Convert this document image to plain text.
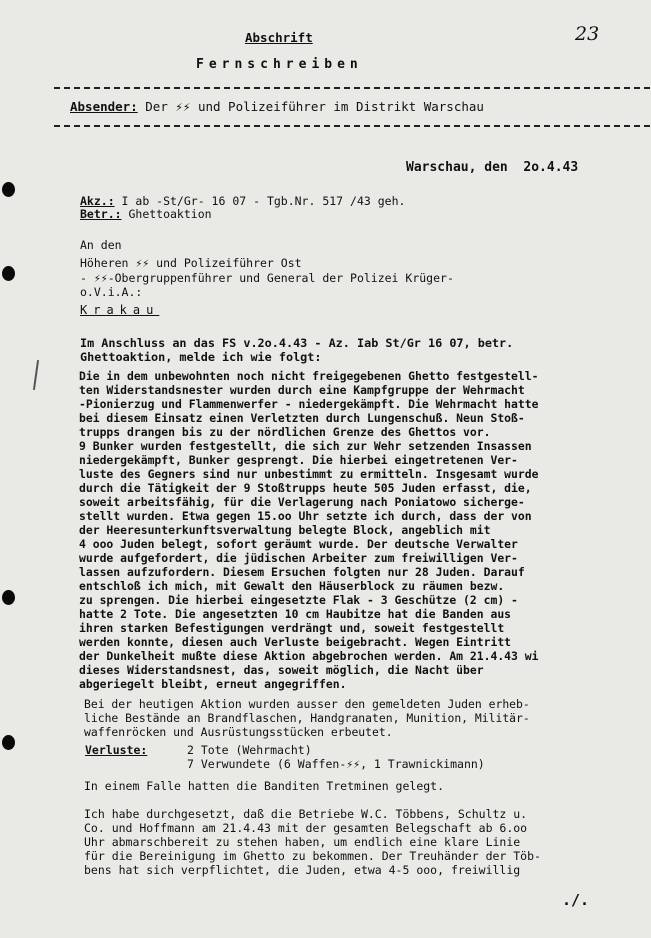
Abschrift	23
Fernschreiben
Absender: Der ⚡⚡ und Polizeiführer im Distrikt Warschau
Warschau, den  2o.4.43
Akz.: I ab -St/Gr- 16 07 - Tgb.Nr. 517 /43 geh.
Betr.: Ghettoaktion
An den
Höheren ⚡⚡ und Polizeiführer Ost
- ⚡⚡-Obergruppenführer und General der Polizei Krüger-
o.V.i.A.:
Krakau
Im Anschluss an das FS v.2o.4.43 - Az. Iab St/Gr 16 07, betr.
Ghettoaktion, melde ich wie folgt:
Die in dem unbewohnten noch nicht freigegebenen Ghetto festgestell-
ten Widerstandsnester wurden durch eine Kampfgruppe der Wehrmacht
-Pionierzug und Flammenwerfer - niedergekämpft. Die Wehrmacht hatte
bei diesem Einsatz einen Verletzten durch Lungenschuß. Neun Stoß-
trupps drangen bis zu der nördlichen Grenze des Ghettos vor.
9 Bunker wurden festgestellt, die sich zur Wehr setzenden Insassen
niedergekämpft, Bunker gesprengt. Die hierbei eingetretenen Ver-
luste des Gegners sind nur unbestimmt zu ermitteln. Insgesamt wurde
durch die Tätigkeit der 9 Stoßtrupps heute 505 Juden erfasst, die,
soweit arbeitsfähig, für die Verlagerung nach Poniatowo sicherge-
stellt wurden. Etwa gegen 15.oo Uhr setzte ich durch, dass der von
der Heeresunterkunftsverwaltung belegte Block, angeblich mit
4 ooo Juden belegt, sofort geräumt wurde. Der deutsche Verwalter
wurde aufgefordert, die jüdischen Arbeiter zum freiwilligen Ver-
lassen aufzufordern. Diesem Ersuchen folgten nur 28 Juden. Darauf
entschloß ich mich, mit Gewalt den Häuserblock zu räumen bezw.
zu sprengen. Die hierbei eingesetzte Flak - 3 Geschütze (2 cm) -
hatte 2 Tote. Die angesetzten 10 cm Haubitze hat die Banden aus
ihren starken Befestigungen verdrängt und, soweit festgestellt
werden konnte, diesen auch Verluste beigebracht. Wegen Eintritt
der Dunkelheit mußte diese Aktion abgebrochen werden. Am 21.4.43 wi
dieses Widerstandsnest, das, soweit möglich, die Nacht über
abgeriegelt bleibt, erneut angegriffen.
Bei der heutigen Aktion wurden ausser den gemeldeten Juden erheb-
liche Bestände an Brandflaschen, Handgranaten, Munition, Militär-
waffenröcken und Ausrüstungsstücken erbeutet.
Verluste:	2 Tote (Wehrmacht)
7 Verwundete (6 Waffen-⚡⚡, 1 Trawnickimann)
In einem Falle hatten die Banditen Tretminen gelegt.
Ich habe durchgesetzt, daß die Betriebe W.C. Többens, Schultz u.
Co. und Hoffmann am 21.4.43 mit der gesamten Belegschaft ab 6.oo
Uhr abmarschbereit zu stehen haben, um endlich eine klare Linie
für die Bereinigung im Ghetto zu bekommen. Der Treuhänder der Töb-
bens hat sich verpflichtet, die Juden, etwa 4-5 ooo, freiwillig
./.
